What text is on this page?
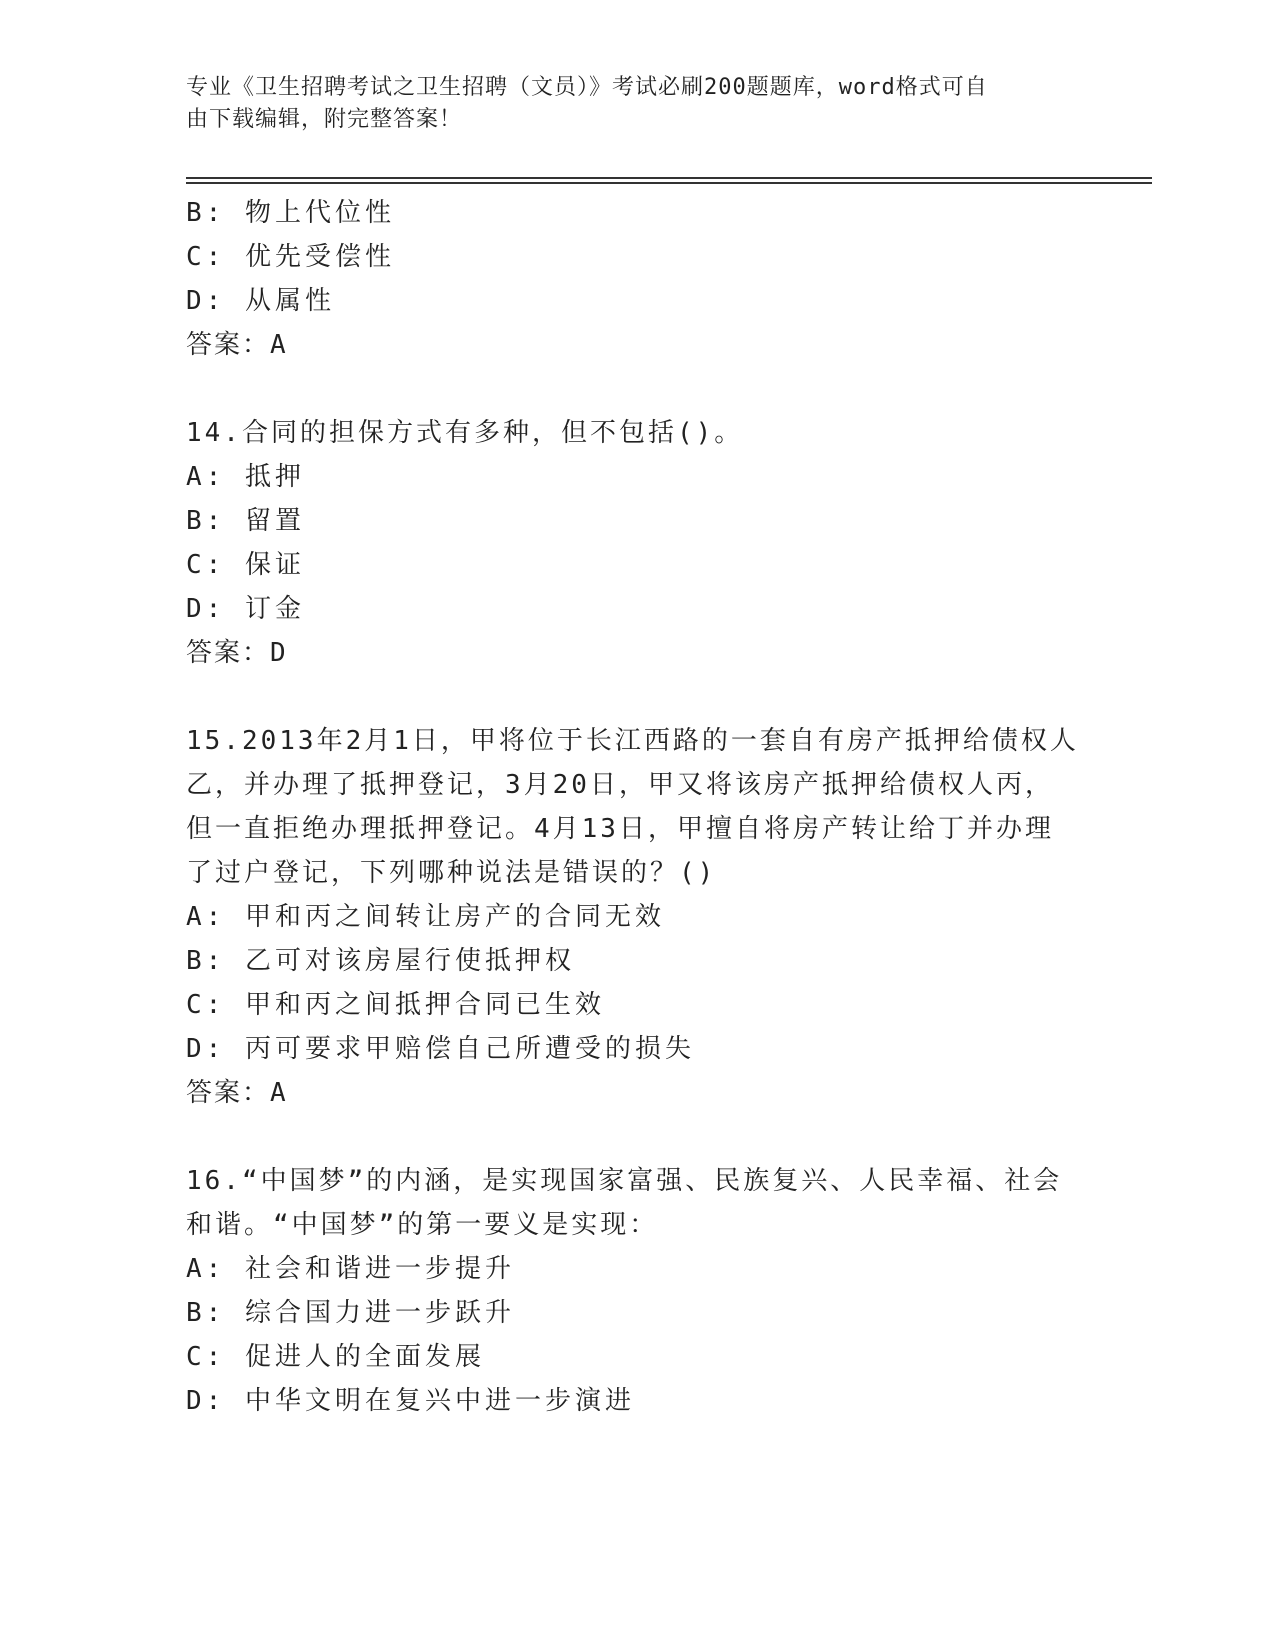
专业《卫生招聘考试之卫生招聘（文员）》考试必刷200题题库，word格式可自
由下载编辑，附完整答案！
B: 物上代位性
C: 优先受偿性
D: 从属性
答案：A
14.合同的担保方式有多种，但不包括()。
A: 抵押
B: 留置
C: 保证
D: 订金
答案：D
15.2013年2月1日，甲将位于长江西路的一套自有房产抵押给债权人
乙，并办理了抵押登记，3月20日，甲又将该房产抵押给债权人丙，
但一直拒绝办理抵押登记。4月13日，甲擅自将房产转让给丁并办理
了过户登记，下列哪种说法是错误的？()
A: 甲和丙之间转让房产的合同无效
B: 乙可对该房屋行使抵押权
C: 甲和丙之间抵押合同已生效
D: 丙可要求甲赔偿自己所遭受的损失
答案：A
16.“中国梦”的内涵，是实现国家富强、民族复兴、人民幸福、社会
和谐。“中国梦”的第一要义是实现：
A: 社会和谐进一步提升
B: 综合国力进一步跃升
C: 促进人的全面发展
D: 中华文明在复兴中进一步演进
